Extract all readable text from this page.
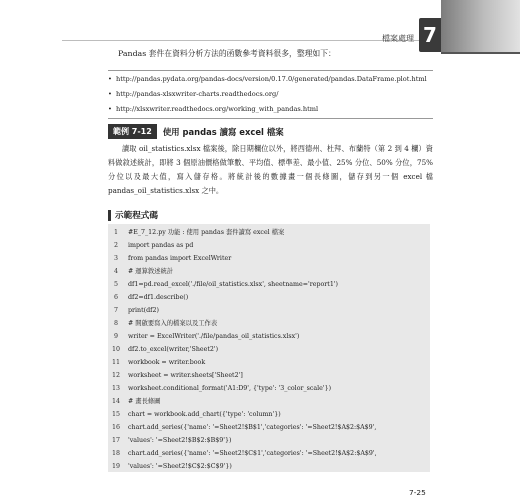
檔案處理 7
Pandas 套件在資料分析方法的函數參考資料很多，整理如下：
• http://pandas.pydata.org/pandas-docs/version/0.17.0/generated/pandas.DataFrame.plot.html
• http://pandas-xlsxwriter-charts.readthedocs.org/
• http://xlsxwriter.readthedocs.org/working_with_pandas.html
範例 7-12	使用 pandas 讀寫 excel 檔案
讀取 oil_statistics.xlsx 檔案後，除日期欄位以外，將西德州、杜拜、布蘭特（第 2 到 4 欄）資料做敘述統計，即將 3 個原油價格做筆數、平均值、標準差、最小值、25% 分位、50% 分位，75% 分位以及最大值，寫入儲存格。將統計後的數據畫一個長條圖，儲存到另一個 excel 檔 pandas_oil_statistics.xlsx 之中。
示範程式碼
1	#E_7_12.py 功能 : 使用 pandas 套件讀寫 excel 檔案
2	import pandas as pd
3	from pandas import ExcelWriter
4	# 運算敘述統計
5	df1=pd.read_excel('./file/oil_statistics.xlsx', sheetname='report1')
6	df2=df1.describe()
7	print(df2)
8	# 開啟要寫入的檔案以及工作表
9	writer = ExcelWriter('./file/pandas_oil_statistics.xlsx')
10	df2.to_excel(writer,'Sheet2')
11	workbook = writer.book
12	worksheet = writer.sheets['Sheet2']
13	worksheet.conditional_format('A1:D9', {'type': '3_color_scale'})
14	# 畫長條圖
15	chart = workbook.add_chart({'type': 'column'})
16	chart.add_series({'name': '=Sheet2!$B$1','categories': '=Sheet2!$A$2:$A$9',
17	'values': '=Sheet2!$B$2:$B$9'})
18	chart.add_series({'name': '=Sheet2!$C$1','categories': '=Sheet2!$A$2:$A$9',
19	'values': '=Sheet2!$C$2:$C$9'})
7-25
